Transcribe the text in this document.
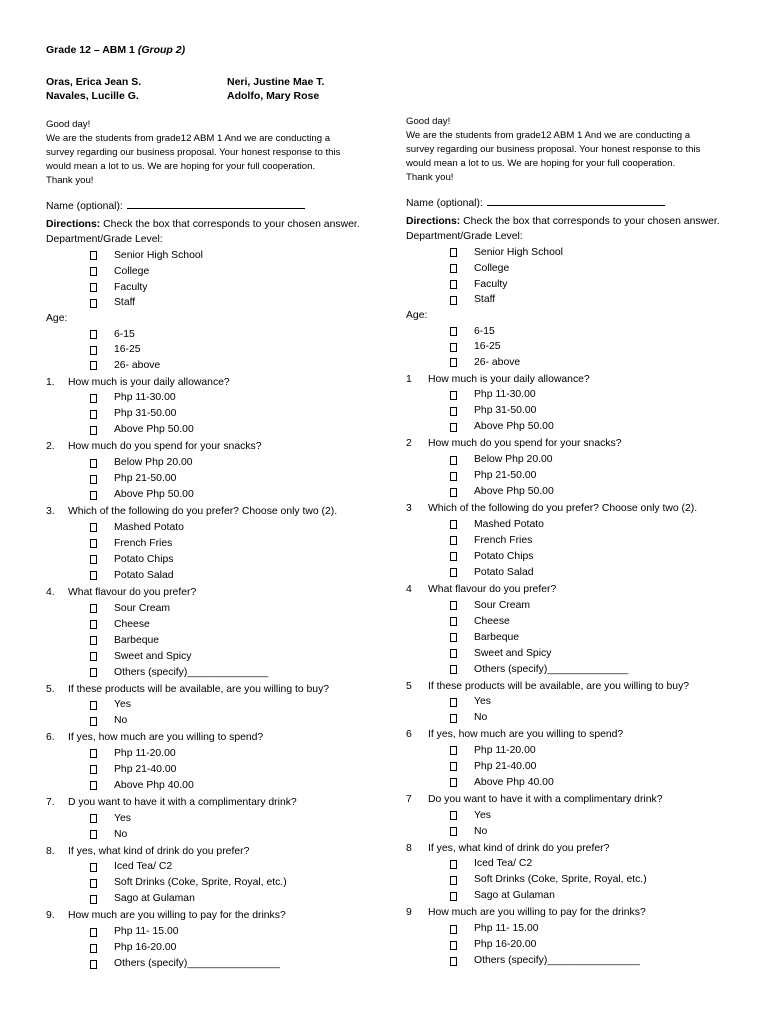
Grade 12 – ABM 1 (Group 2)
Oras, Erica Jean S.	Neri, Justine Mae T.
Navales, Lucille G.	Adolfo, Mary Rose
Good day!
We are the students from grade12 ABM 1 And we are conducting a
survey regarding our business proposal. Your honest response to this
would mean a lot to us. We are hoping for your full cooperation.
Thank you!
Name (optional):
Directions: Check the box that corresponds to your chosen answer.
Department/Grade Level:
Senior High School
College
Faculty
Staff
Age:
6-15
16-25
26- above
1.	How much is your daily allowance?
Php 11-30.00
Php 31-50.00
Above Php 50.00
2.	How much do you spend for your snacks?
Below Php 20.00
Php 21-50.00
Above Php 50.00
3.	Which of the following do you prefer? Choose only two (2).
Mashed Potato
French Fries
Potato Chips
Potato Salad
4.	What flavour do you prefer?
Sour Cream
Cheese
Barbeque
Sweet and Spicy
Others (specify)______________
5.	If these products will be available, are you willing to buy?
Yes
No
6.	If yes, how much are you willing to spend?
Php 11-20.00
Php 21-40.00
Above Php 40.00
7.	D you want to have it with a complimentary drink?
Yes
No
8.	If yes, what kind of drink do you prefer?
Iced Tea/ C2
Soft Drinks (Coke, Sprite, Royal, etc.)
Sago at Gulaman
9.	How much are you willing to pay for the drinks?
Php 11- 15.00
Php 16-20.00
Others (specify)________________
Good day!
We are the students from grade12 ABM 1 And we are conducting a
survey regarding our business proposal. Your honest response to this
would mean a lot to us. We are hoping for your full cooperation.
Thank you!
Name (optional):
Directions: Check the box that corresponds to your chosen answer.
Department/Grade Level:
Senior High School
College
Faculty
Staff
Age:
6-15
16-25
26- above
1	How much is your daily allowance?
Php 11-30.00
Php 31-50.00
Above Php 50.00
2	How much do you spend for your snacks?
Below Php 20.00
Php 21-50.00
Above Php 50.00
3	Which of the following do you prefer? Choose only two (2).
Mashed Potato
French Fries
Potato Chips
Potato Salad
4	What flavour do you prefer?
Sour Cream
Cheese
Barbeque
Sweet and Spicy
Others (specify)______________
5	If these products will be available, are you willing to buy?
Yes
No
6	If yes, how much are you willing to spend?
Php 11-20.00
Php 21-40.00
Above Php 40.00
7	Do you want to have it with a complimentary drink?
Yes
No
8	If yes, what kind of drink do you prefer?
Iced Tea/ C2
Soft Drinks (Coke, Sprite, Royal, etc.)
Sago at Gulaman
9	How much are you willing to pay for the drinks?
Php 11- 15.00
Php 16-20.00
Others (specify)________________
